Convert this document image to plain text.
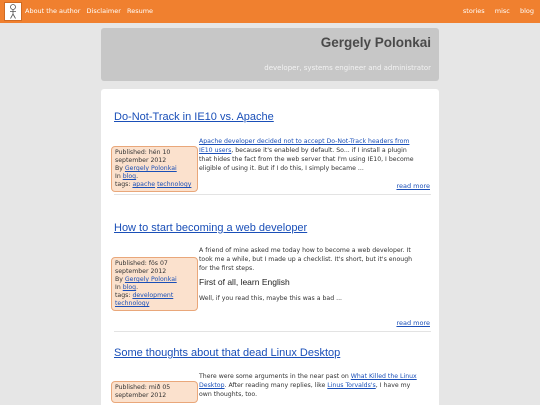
About the author Disclaimer Resume	stories misc blog
Gergely Polonkai
developer, systems engineer and administrator
Do-Not-Track in IE10 vs. Apache
Published: hén 10
september 2012
By Gergely Polonkai
In blog.
tags: apache technology
Apache developer decided not to accept Do-Not-Track headers from IE10 users, because it's enabled by default. So... if I install a plugin that hides the fact from the web server that I'm using IE10, I become eligible of using it. But if I do this, I simply became ...
read more
How to start becoming a web developer
Published: fös 07
september 2012
By Gergely Polonkai
In blog.
tags: development
technology
A friend of mine asked me today how to become a web developer. It took me a while, but I made up a checklist. It's short, but it's enough for the first steps.
First of all, learn English
Well, if you read this, maybe this was a bad ...
read more
Some thoughts about that dead Linux Desktop
Published: mið 05
september 2012
There were some arguments in the near past on What Killed the Linux Desktop. After reading many replies, like Linus Torvalds's, I have my own thoughts, too.
